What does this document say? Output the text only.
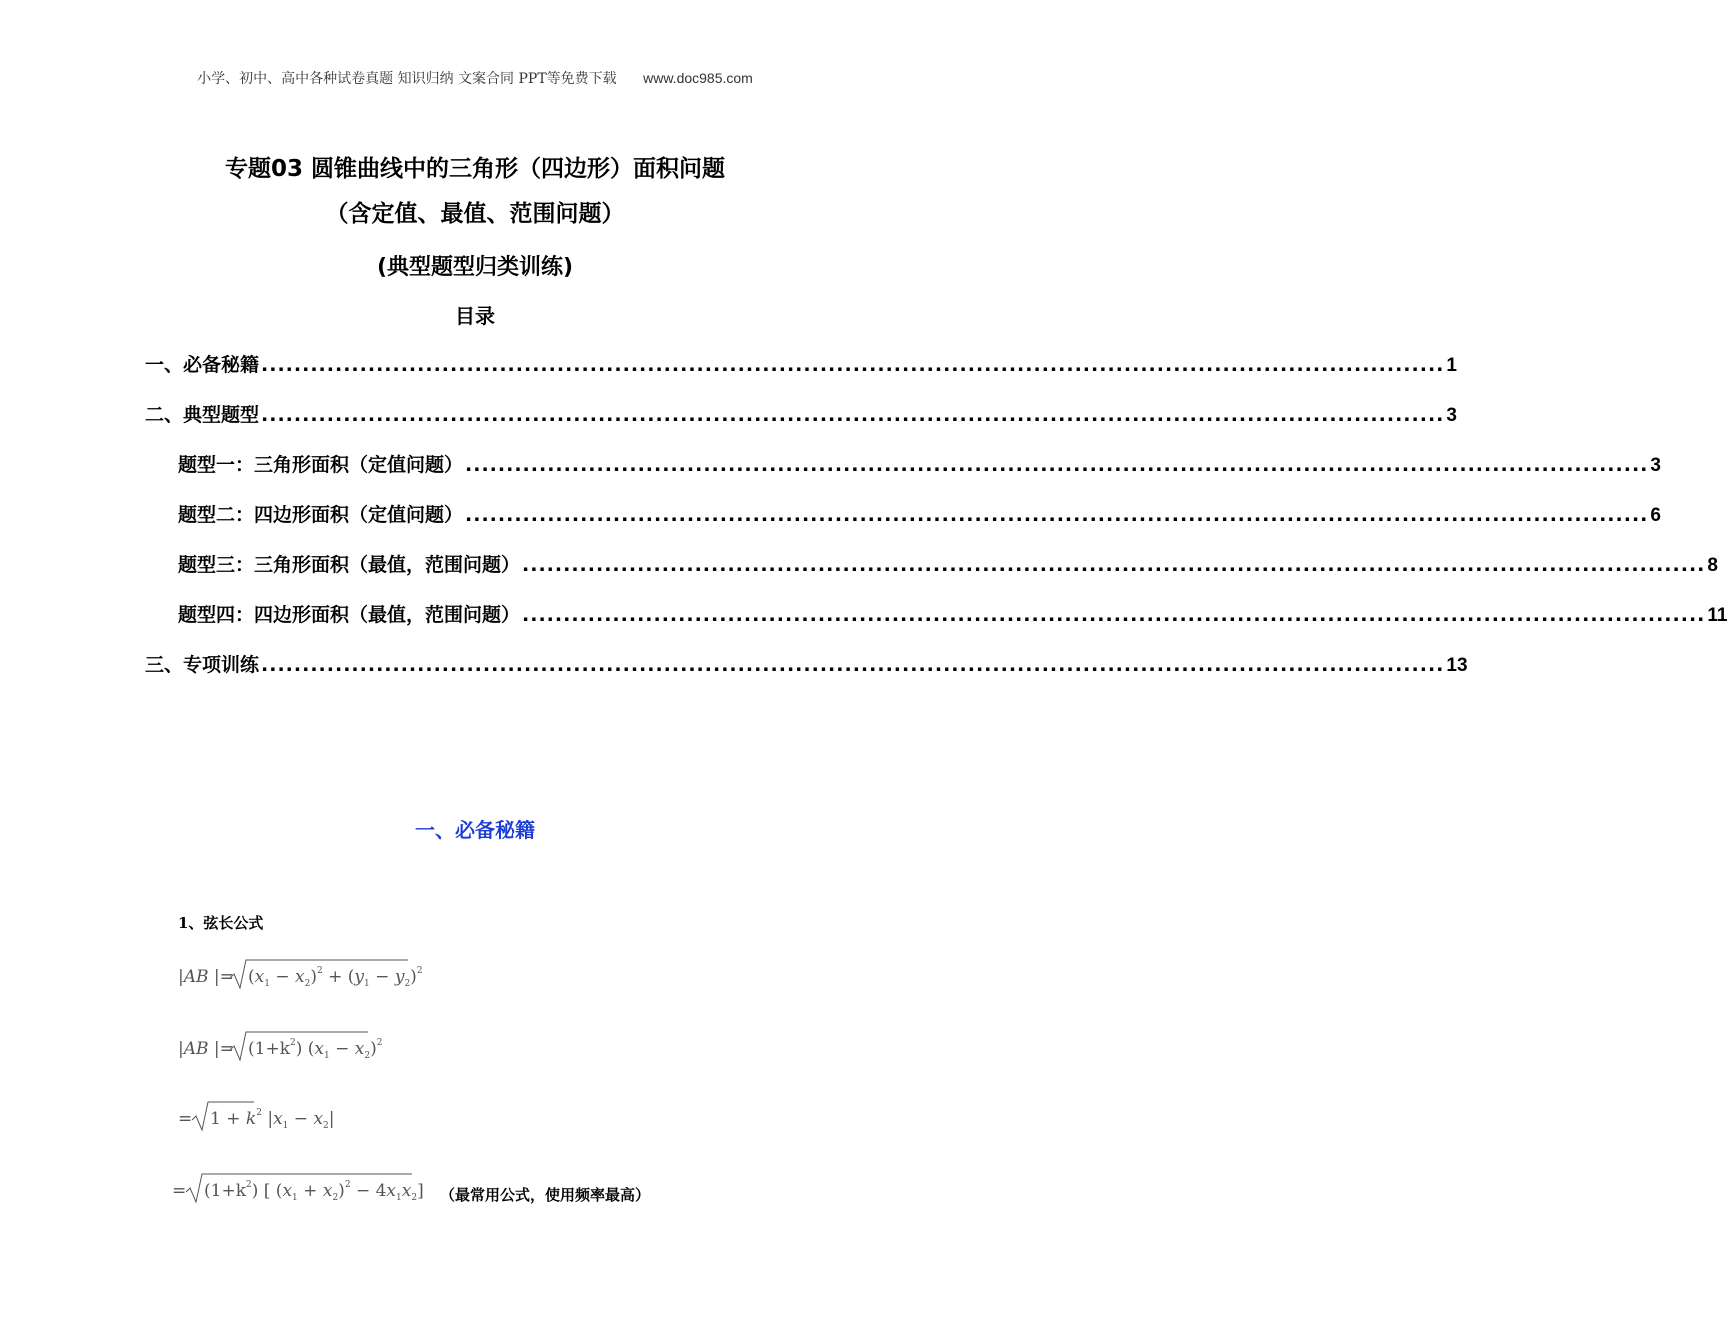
小学、初中、高中各种试卷真题 知识归纳 文案合同 PPT等免费下载 www.doc985.com
专题03 圆锥曲线中的三角形（四边形）面积问题
（含定值、最值、范围问题）
(典型题型归类训练)
目录
一、必备秘籍 ................................................................................................................................................ 1
二、典型题型 ................................................................................................................................................ 3
题型一：三角形面积（定值问题） ................................................................................................................................................ 3
题型二：四边形面积（定值问题） ................................................................................................................................................ 6
题型三：三角形面积（最值，范围问题） ................................................................................................................................................ 8
题型四：四边形面积（最值，范围问题） ................................................................................................................................................ 11
三、专项训练 ................................................................................................................................................ 13
一、必备秘籍
1、弦长公式
|AB |= $(x_1 - x_2)^2 + (y_1 - y_2)^2$
|AB |= $(1+k^2) (x_1 - x_2)^2$
= $1 + k^2$ $|x_1 - x_2|$
= $(1+k^2)$ [ $(x_1 + x_2)^2 - 4x_1x_2$] （最常用公式，使用频率最高）
